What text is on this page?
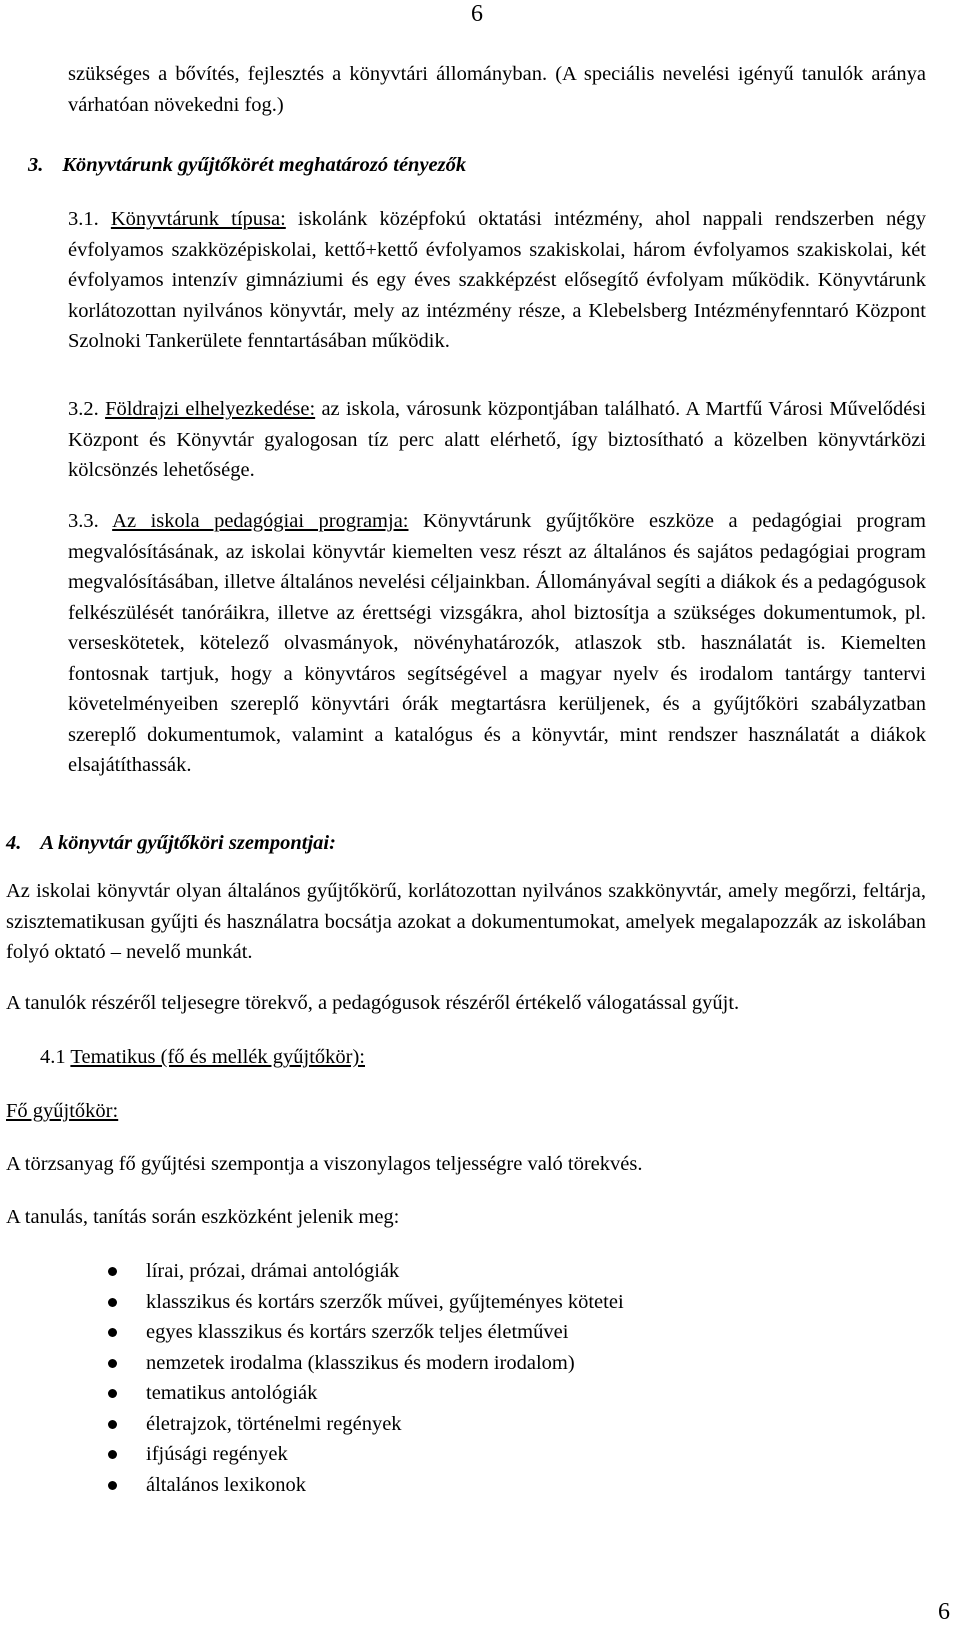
6
szükséges a bővítés, fejlesztés a könyvtári állományban. (A speciális nevelési igényű tanulók aránya várhatóan növekedni fog.)
3. Könyvtárunk gyűjtőkörét meghatározó tényezők
3.1. Könyvtárunk típusa: iskolánk középfokú oktatási intézmény, ahol nappali rendszerben négy évfolyamos szakközépiskolai, kettő+kettő évfolyamos szakiskolai, három évfolyamos szakiskolai, két évfolyamos intenzív gimnáziumi és egy éves szakképzést elősegítő évfolyam működik. Könyvtárunk korlátozottan nyilvános könyvtár, mely az intézmény része, a Klebelsberg Intézményfenntaró Központ Szolnoki Tankerülete fenntartásában működik.
3.2. Földrajzi elhelyezkedése: az iskola, városunk központjában található. A Martfű Városi Művelődési Központ és Könyvtár gyalogosan tíz perc alatt elérhető, így biztosítható a közelben könyvtárközi kölcsönzés lehetősége.
3.3. Az iskola pedagógiai programja: Könyvtárunk gyűjtőköre eszköze a pedagógiai program megvalósításának, az iskolai könyvtár kiemelten vesz részt az általános és sajátos pedagógiai program megvalósításában, illetve általános nevelési céljainkban. Állományával segíti a diákok és a pedagógusok felkészülését tanóráikra, illetve az érettségi vizsgákra, ahol biztosítja a szükséges dokumentumok, pl. verseskötetek, kötelező olvasmányok, növényhatározók, atlaszok stb. használatát is. Kiemelten fontosnak tartjuk, hogy a könyvtáros segítségével a magyar nyelv és irodalom tantárgy tantervi követelményeiben szereplő könyvtári órák megtartásra kerüljenek, és a gyűjtőköri szabályzatban szereplő dokumentumok, valamint a katalógus és a könyvtár, mint rendszer használatát a diákok elsajátíthassák.
4. A könyvtár gyűjtőköri szempontjai:
Az iskolai könyvtár olyan általános gyűjtőkörű, korlátozottan nyilvános szakkönyvtár, amely megőrzi, feltárja, szisztematikusan gyűjti és használatra bocsátja azokat a dokumentumokat, amelyek megalapozzák az iskolában folyó oktató – nevelő munkát.
A tanulók részéről teljesegre törekvő, a pedagógusok részéről értékelő válogatással gyűjt.
4.1 Tematikus (fő és mellék gyűjtőkör):
Fő gyűjtőkör:
A törzsanyag fő gyűjtési szempontja a viszonylagos teljességre való törekvés.
A tanulás, tanítás során eszközként jelenik meg:
lírai, prózai, drámai antológiák
klasszikus és kortárs szerzők művei, gyűjteményes kötetei
egyes klasszikus és kortárs szerzők teljes életművei
nemzetek irodalma (klasszikus és modern irodalom)
tematikus antológiák
életrajzok, történelmi regények
ifjúsági regények
általános lexikonok
6
